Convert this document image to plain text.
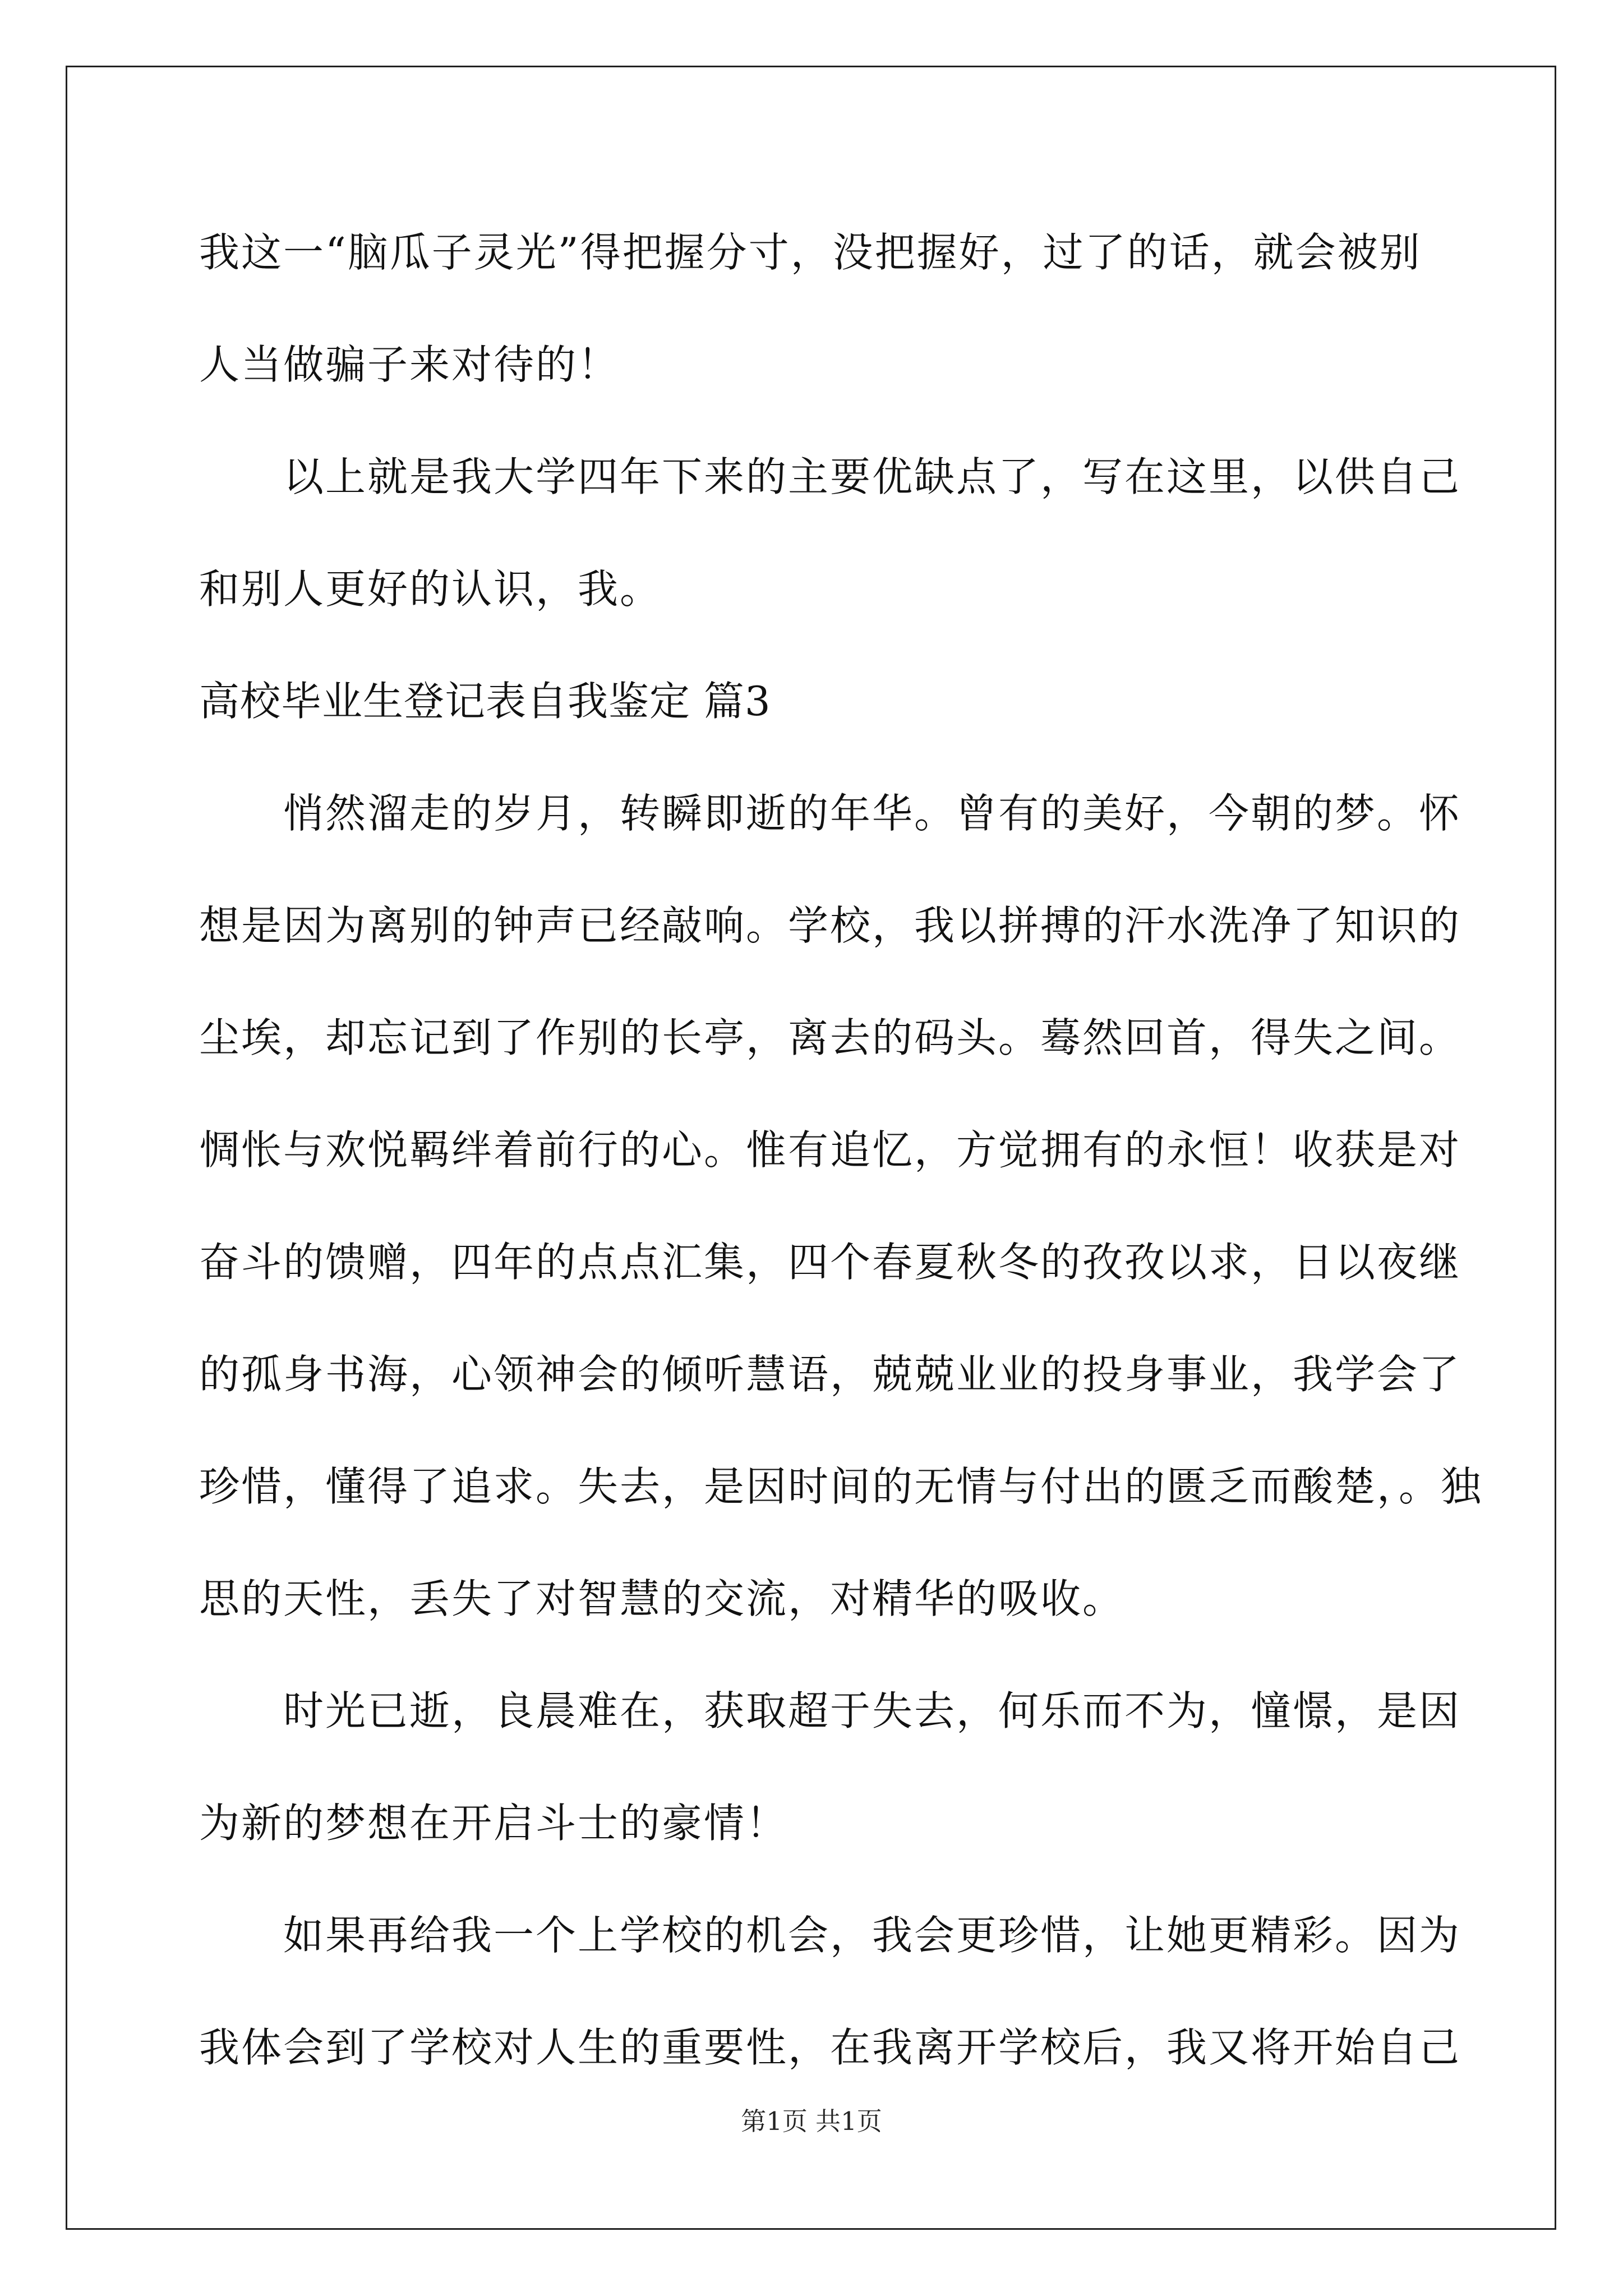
我这一“脑瓜子灵光”得把握分寸，没把握好，过了的话，就会被别
人当做骗子来对待的！
以上就是我大学四年下来的主要优缺点了，写在这里，以供自己
和别人更好的认识，我。
高校毕业生登记表自我鉴定 篇3
悄然溜走的岁月，转瞬即逝的年华。曾有的美好，今朝的梦。怀
想是因为离别的钟声已经敲响。学校，我以拼搏的汗水洗净了知识的
尘埃，却忘记到了作别的长亭，离去的码头。蓦然回首，得失之间。
惆怅与欢悦羁绊着前行的心。惟有追忆，方觉拥有的永恒！收获是对
奋斗的馈赠，四年的点点汇集，四个春夏秋冬的孜孜以求，日以夜继
的孤身书海，心领神会的倾听慧语，兢兢业业的投身事业，我学会了
珍惜，懂得了追求。失去，是因时间的无情与付出的匮乏而酸楚，。独
思的天性，丢失了对智慧的交流，对精华的吸收。
时光已逝，良晨难在，获取超于失去，何乐而不为，憧憬，是因
为新的梦想在开启斗士的豪情！
如果再给我一个上学校的机会，我会更珍惜，让她更精彩。因为
我体会到了学校对人生的重要性，在我离开学校后，我又将开始自己
第1页 共1页
